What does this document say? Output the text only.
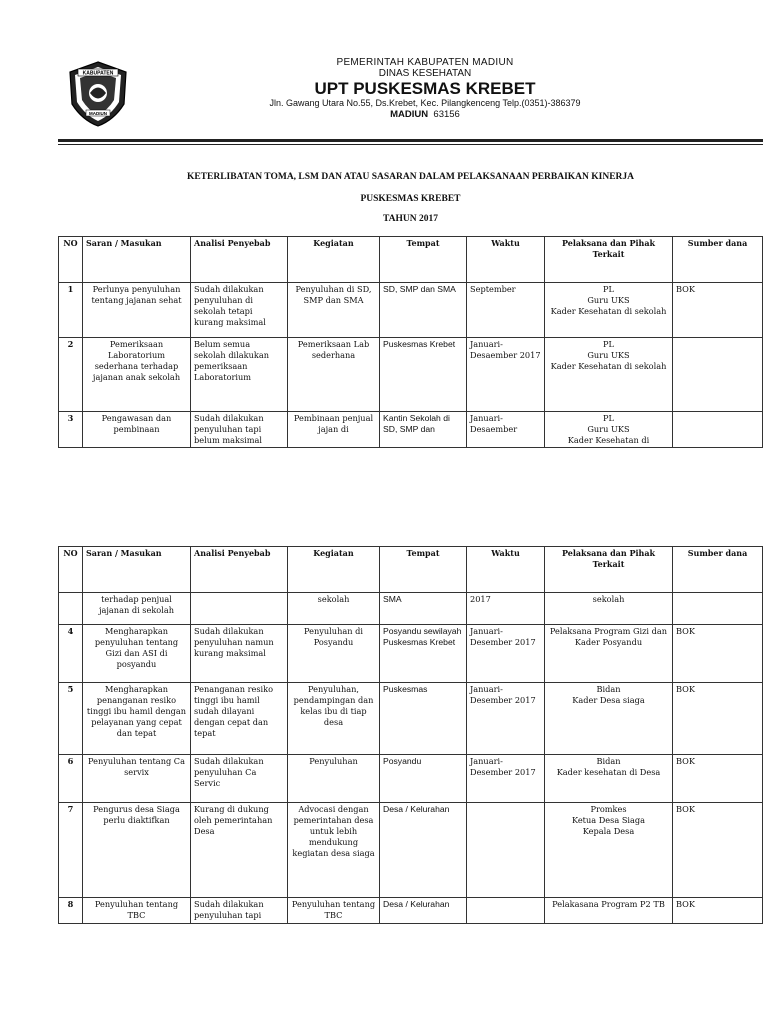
KABUPATEN
MADIUN
PEMERINTAH KABUPATEN MADIUN
DINAS KESEHATAN
UPT PUSKESMAS KREBET
Jln. Gawang Utara No.55, Ds.Krebet, Kec. Pilangkenceng Telp.(0351)-386379
MADIUN 63156
KETERLIBATAN TOMA, LSM DAN ATAU SASARAN DALAM PELAKSANAAN PERBAIKAN KINERJA
PUSKESMAS KREBET
TAHUN 2017
NO	Saran / Masukan	Analisi Penyebab	Kegiatan	Tempat	Waktu	Pelaksana dan Pihak Terkait	Sumber dana
1	Perlunya penyuluhan tentang jajanan sehat	Sudah dilakukan penyuluhan di sekolah tetapi kurang maksimal	Penyuluhan di SD, SMP dan SMA	SD, SMP dan SMA	September	PL
Guru UKS
Kader Kesehatan di sekolah	BOK
2	Pemeriksaan Laboratorium sederhana terhadap jajanan anak sekolah	Belum semua sekolah dilakukan pemeriksaan Laboratorium	Pemeriksaan Lab sederhana	Puskesmas Krebet	Januari-Desaember 2017	PL
Guru UKS
Kader Kesehatan di sekolah	
3	Pengawasan dan pembinaan	Sudah dilakukan penyuluhan tapi belum maksimal	Pembinaan penjual jajan di	Kantin Sekolah di SD, SMP dan	Januari-Desaember	PL
Guru UKS
Kader Kesehatan di	
NO	Saran / Masukan	Analisi Penyebab	Kegiatan	Tempat	Waktu	Pelaksana dan Pihak Terkait	Sumber dana
	terhadap penjual jajanan di sekolah		sekolah	SMA	2017	sekolah	
4	Mengharapkan penyuluhan tentang Gizi dan ASI di posyandu	Sudah dilakukan penyuluhan namun kurang maksimal	Penyuluhan di Posyandu	Posyandu sewilayah Puskesmas Krebet	Januari-Desember 2017	Pelaksana Program Gizi dan Kader Posyandu	BOK
5	Mengharapkan penanganan resiko tinggi ibu hamil dengan pelayanan yang cepat dan tepat	Penanganan resiko tinggi ibu hamil sudah dilayani dengan cepat dan tepat	Penyuluhan, pendampingan dan kelas ibu di tiap desa	Puskesmas	Januari-Desember 2017	Bidan
Kader Desa siaga	BOK
6	Penyuluhan tentang Ca servix	Sudah dilakukan penyuluhan Ca Servic	Penyuluhan	Posyandu	Januari-Desember 2017	Bidan
Kader kesehatan di Desa	BOK
7	Pengurus desa Siaga perlu diaktifkan	Kurang di dukung oleh pemerintahan Desa	Advocasi dengan pemerintahan desa untuk lebih mendukung kegiatan desa siaga	Desa / Kelurahan		Promkes
Ketua Desa Siaga
Kepala Desa	BOK
8	Penyuluhan tentang TBC	Sudah dilakukan penyuluhan tapi	Penyuluhan tentang TBC	Desa / Kelurahan		Pelakasana Program P2 TB	BOK
